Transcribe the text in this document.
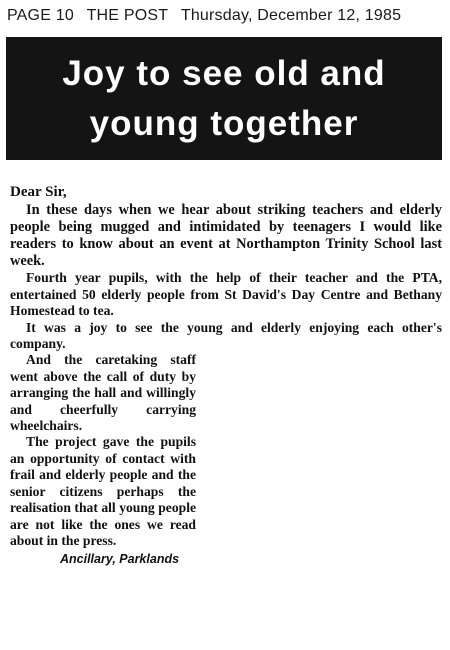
PAGE 10 THE POST Thursday, December 12, 1985
Joy to see old and
young together

Dear Sir,

In these days when we hear about striking teachers and elderly people being mugged and intimidated by teenagers I would like readers to know about an event at Northampton Trinity School last week.

Fourth year pupils, with the help of their teacher and the PTA, entertained 50 elderly people from St David's Day Centre and Bethany Homestead to tea.

It was a joy to see the young and elderly enjoying each other's company.

And the caretaking staff went above the call of duty by arranging the hall and willingly and cheerfully carrying wheelchairs.

The project gave the pupils an opportunity of contact with frail and elderly people and the senior citizens perhaps the realisation that all young people are not like the ones we read about in the press.

Ancillary, Parklands
